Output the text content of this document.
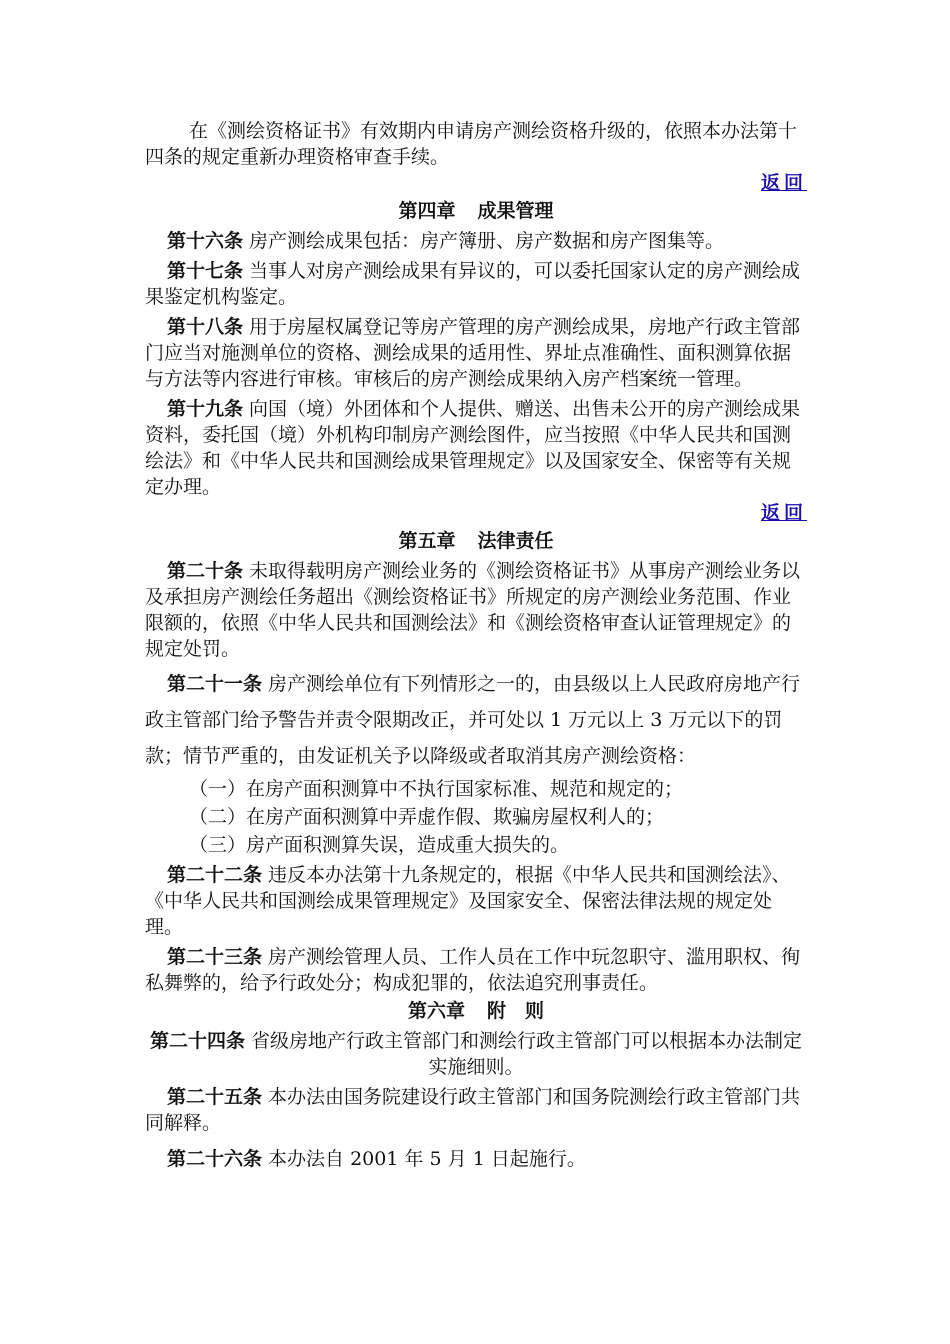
在《测绘资格证书》有效期内申请房产测绘资格升级的，依照本办法第十四条的规定重新办理资格审查手续。

返回

第四章 成果管理

第十六条 房产测绘成果包括：房产簿册、房产数据和房产图集等。

第十七条 当事人对房产测绘成果有异议的，可以委托国家认定的房产测绘成果鉴定机构鉴定。

第十八条 用于房屋权属登记等房产管理的房产测绘成果，房地产行政主管部门应当对施测单位的资格、测绘成果的适用性、界址点准确性、面积测算依据与方法等内容进行审核。审核后的房产测绘成果纳入房产档案统一管理。

第十九条 向国（境）外团体和个人提供、赠送、出售未公开的房产测绘成果资料，委托国（境）外机构印制房产测绘图件，应当按照《中华人民共和国测绘法》和《中华人民共和国测绘成果管理规定》以及国家安全、保密等有关规定办理。

返回

第五章 法律责任

第二十条 未取得载明房产测绘业务的《测绘资格证书》从事房产测绘业务以及承担房产测绘任务超出《测绘资格证书》所规定的房产测绘业务范围、作业限额的，依照《中华人民共和国测绘法》和《测绘资格审查认证管理规定》的规定处罚。

第二十一条 房产测绘单位有下列情形之一的，由县级以上人民政府房地产行政主管部门给予警告并责令限期改正，并可处以 1 万元以上 3 万元以下的罚款；情节严重的，由发证机关予以降级或者取消其房产测绘资格：

（一）在房产面积测算中不执行国家标准、规范和规定的；

（二）在房产面积测算中弄虚作假、欺骗房屋权利人的；

（三）房产面积测算失误，造成重大损失的。

第二十二条 违反本办法第十九条规定的，根据《中华人民共和国测绘法》、《中华人民共和国测绘成果管理规定》及国家安全、保密法律法规的规定处理。

第二十三条 房产测绘管理人员、工作人员在工作中玩忽职守、滥用职权、徇私舞弊的，给予行政处分；构成犯罪的，依法追究刑事责任。

第六章 附　则

第二十四条 省级房地产行政主管部门和测绘行政主管部门可以根据本办法制定实施细则。

第二十五条 本办法由国务院建设行政主管部门和国务院测绘行政主管部门共同解释。

第二十六条 本办法自 2001 年 5 月 1 日起施行。
